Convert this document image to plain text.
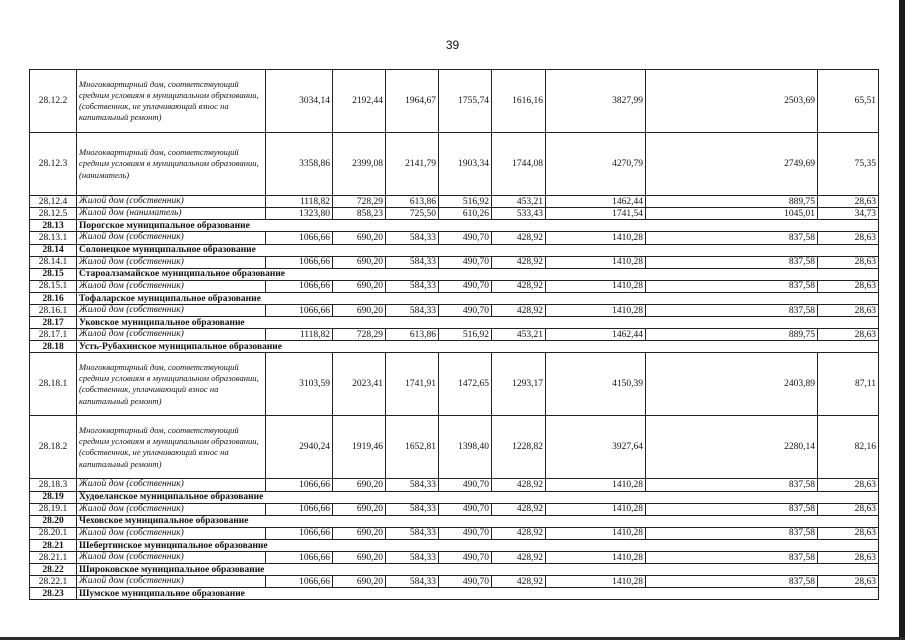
39
28.12.2	Многоквартирный дом, соответствующий средним условиям в муниципальном образовании, (собственник, не уплачивающий взнос на капитальный ремонт)	3034,14	2192,44	1964,67	1755,74	1616,16	3827,99	2503,69	65,51
28.12.3	Многоквартирный дом, соответствующий средним условиям в муниципальном образовании, (наниматель)	3358,86	2399,08	2141,79	1903,34	1744,08	4270,79	2749,69	75,35
28.12.4	Жилой дом (собственник)	1118,82	728,29	613,86	516,92	453,21	1462,44	889,75	28,63
28.12.5	Жилой дом (наниматель)	1323,80	858,23	725,50	610,26	533,43	1741,54	1045,01	34,73
28.13	Порогское муниципальное образование								
28.13.1	Жилой дом (собственник)	1066,66	690,20	584,33	490,70	428,92	1410,28	837,58	28,63
28.14	Солонецкое муниципальное образование								
28.14.1	Жилой дом (собственник)	1066,66	690,20	584,33	490,70	428,92	1410,28	837,58	28,63
28.15	Староалзамайское муниципальное образование								
28.15.1	Жилой дом (собственник)	1066,66	690,20	584,33	490,70	428,92	1410,28	837,58	28,63
28.16	Тофаларское муниципальное образование								
28.16.1	Жилой дом (собственник)	1066,66	690,20	584,33	490,70	428,92	1410,28	837,58	28,63
28.17	Уковское муниципальное образование								
28.17.1	Жилой дом (собственник)	1118,82	728,29	613,86	516,92	453,21	1462,44	889,75	28,63
28.18	Усть-Рубахинское муниципальное образование								
28.18.1	Многоквартирный дом, соответствующий средним условиям в муниципальном образовании, (собственник, уплачивающий взнос на капитальный ремонт)	3103,59	2023,41	1741,91	1472,65	1293,17	4150,39	2403,89	87,11
28.18.2	Многоквартирный дом, соответствующий средним условиям в муниципальном образовании, (собственник, не уплачивающий взнос на капитальный ремонт)	2940,24	1919,46	1652,81	1398,40	1228,82	3927,64	2280,14	82,16
28.18.3	Жилой дом (собственник)	1066,66	690,20	584,33	490,70	428,92	1410,28	837,58	28,63
28.19	Худоеланское муниципальное образование								
28.19.1	Жилой дом (собственник)	1066,66	690,20	584,33	490,70	428,92	1410,28	837,58	28,63
28.20	Чеховское муниципальное образование								
28.20.1	Жилой дом (собственник)	1066,66	690,20	584,33	490,70	428,92	1410,28	837,58	28,63
28.21	Шебертинское муниципальное образование								
28.21.1	Жилой дом (собственник)	1066,66	690,20	584,33	490,70	428,92	1410,28	837,58	28,63
28.22	Широковское муниципальное образование								
28.22.1	Жилой дом (собственник)	1066,66	690,20	584,33	490,70	428,92	1410,28	837,58	28,63
28.23	Шумское муниципальное образование								
